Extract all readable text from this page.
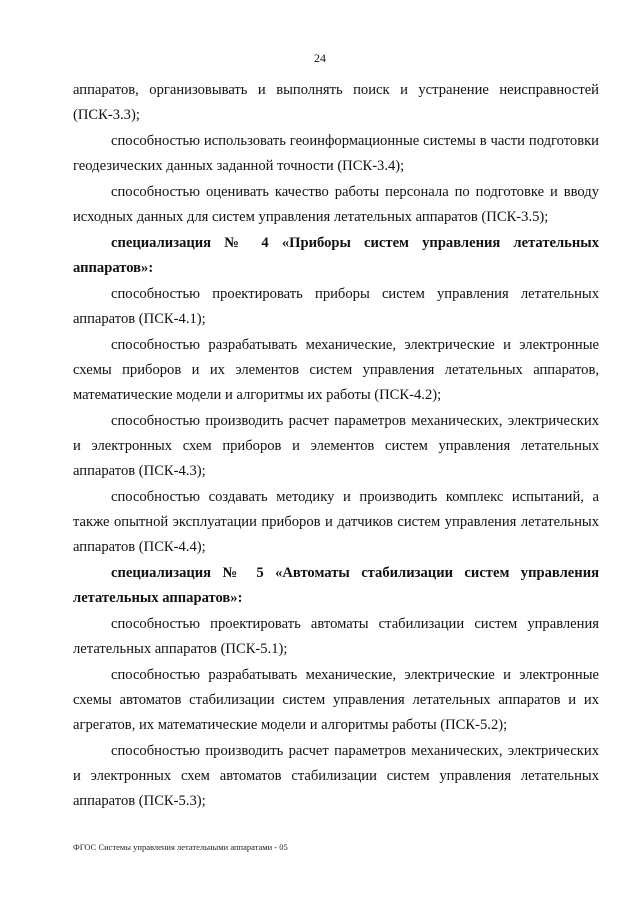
24

аппаратов, организовывать и выполнять поиск и устранение неисправностей (ПСК-3.3);

способностью использовать геоинформационные системы в части подготовки геодезических данных заданной точности (ПСК-3.4);

способностью оценивать качество работы персонала по подготовке и вводу исходных данных для систем управления летательных аппаратов (ПСК-3.5);

специализация № 4 «Приборы систем управления летательных аппаратов»:

способностью проектировать приборы систем управления летательных аппаратов (ПСК-4.1);

способностью разрабатывать механические, электрические и электронные схемы приборов и их элементов систем управления летательных аппаратов, математические модели и алгоритмы их работы (ПСК-4.2);

способностью производить расчет параметров механических, электрических и электронных схем приборов и элементов систем управления летательных аппаратов (ПСК-4.3);

способностью создавать методику и производить комплекс испытаний, а также опытной эксплуатации приборов и датчиков систем управления летательных аппаратов (ПСК-4.4);

специализация № 5 «Автоматы стабилизации систем управления летательных аппаратов»:

способностью проектировать автоматы стабилизации систем управления летательных аппаратов (ПСК-5.1);

способностью разрабатывать механические, электрические и электронные схемы автоматов стабилизации систем управления летательных аппаратов и их агрегатов, их математические модели и алгоритмы работы (ПСК-5.2);

способностью производить расчет параметров механических, электрических и электронных схем автоматов стабилизации систем управления летательных аппаратов (ПСК-5.3);

ФГОС Системы управления летательными аппаратами - 05
